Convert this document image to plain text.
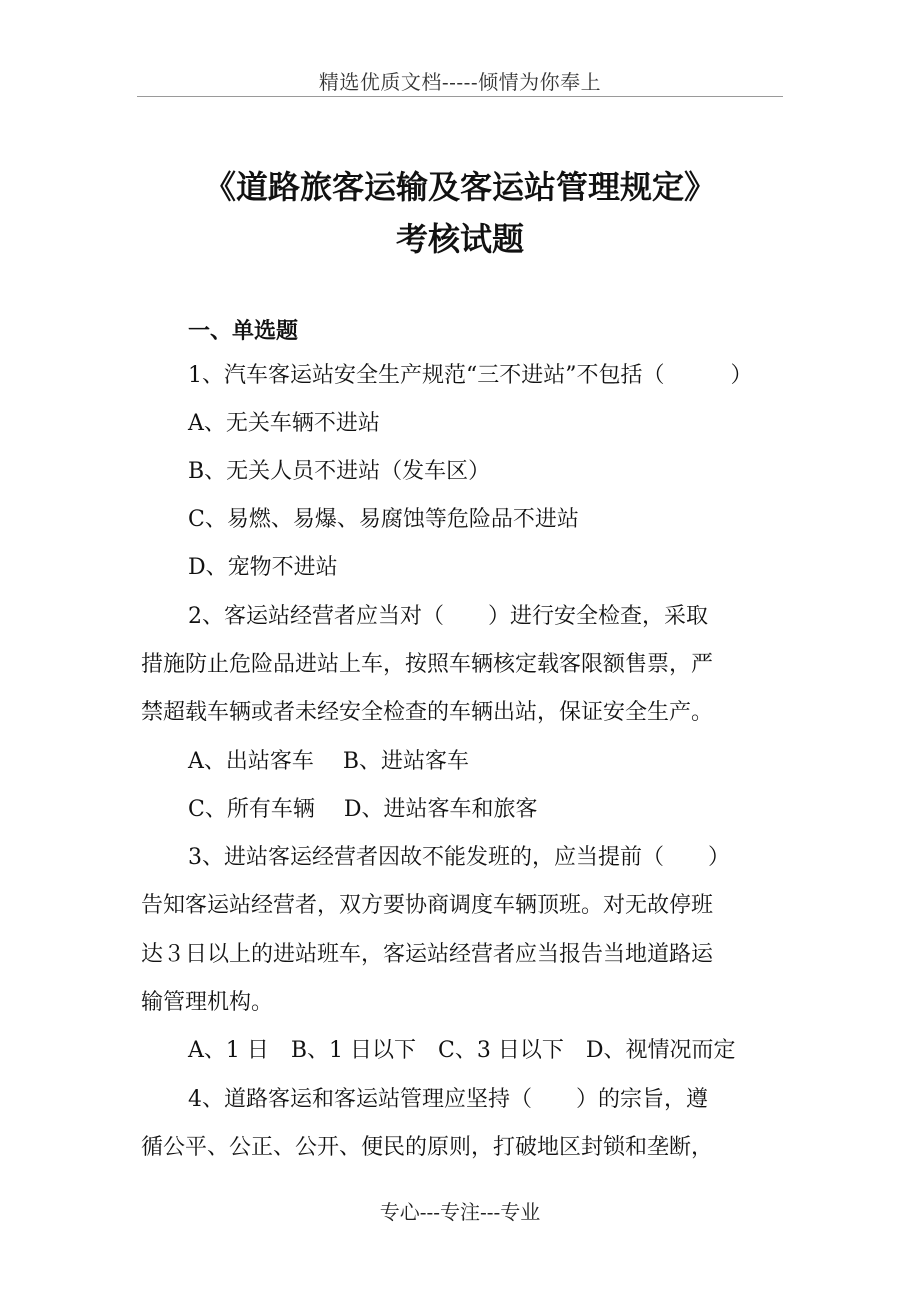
精选优质文档-----倾情为你奉上
《道路旅客运输及客运站管理规定》
考核试题
一、单选题
1、汽车客运站安全生产规范“三不进站”不包括（　　　）
A、无关车辆不进站
B、无关人员不进站（发车区）
C、易燃、易爆、易腐蚀等危险品不进站
D、宠物不进站
2、客运站经营者应当对（　　）进行安全检查，采取
措施防止危险品进站上车，按照车辆核定载客限额售票，严
禁超载车辆或者未经安全检查的车辆出站，保证安全生产。
A、出站客车　 B、进站客车
C、所有车辆　 D、进站客车和旅客
3、进站客运经营者因故不能发班的，应当提前（　　）
告知客运站经营者，双方要协商调度车辆顶班。对无故停班
达３日以上的进站班车，客运站经营者应当报告当地道路运
输管理机构。
A、1 日　B、1 日以下　C、3 日以下　D、视情况而定
4、道路客运和客运站管理应坚持（　　）的宗旨，遵
循公平、公正、公开、便民的原则，打破地区封锁和垄断，
专心---专注---专业
